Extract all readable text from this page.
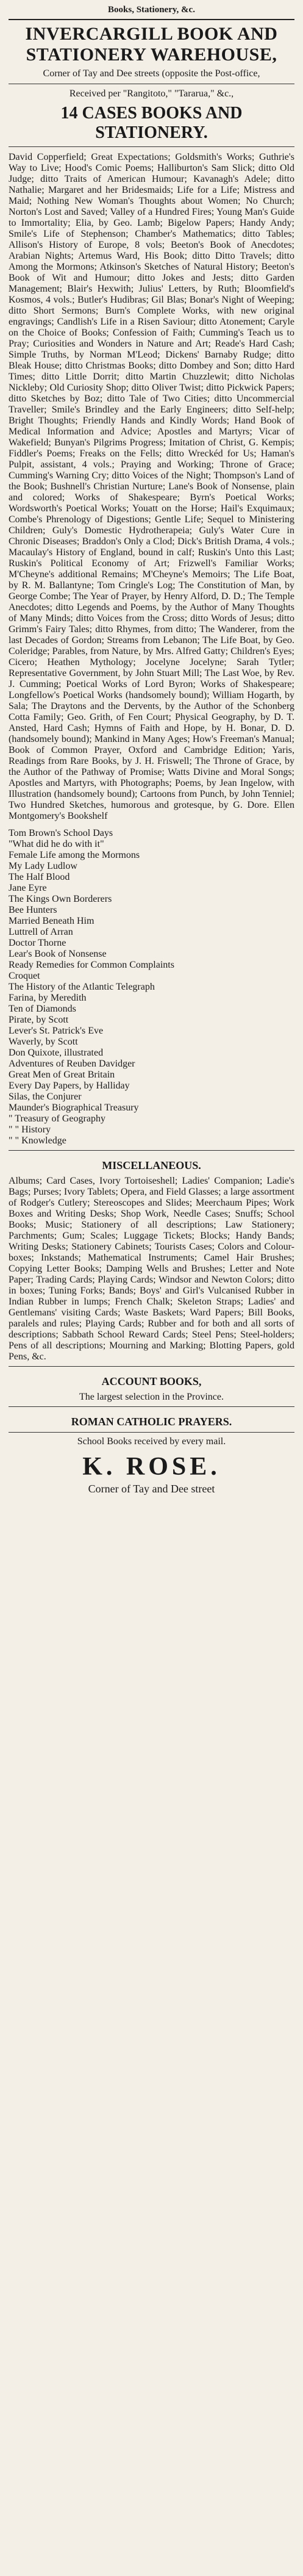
Books, Stationery, &c.
INVERCARGILL BOOK AND STATIONERY WAREHOUSE,
Corner of Tay and Dee streets (opposite the Post-office,
Received per "Rangitoto," "Tararua," &c.,
14 CASES BOOKS AND STATIONERY.
David Copperfield; Great Expectations; Goldsmith's Works; Guthrie's Way to Live; Hood's Comic Poems; Halliburton's Sam Slick; ditto Old Judge; ditto Traits of American Humour; Kavanagh's Adele; ditto Nathalie; Margaret and her Bridesmaids; Life for a Life; Mistress and Maid; Nothing New Woman's Thoughts about Women; No Church; Norton's Lost and Saved; Valley of a Hundred Fires; Young Man's Guide to Immortality; Elia, by Geo. Lamb; Bigelow Papers; Handy Andy; Smile's Life of Stephenson; Chamber's Mathematics; ditto Tables; Allison's History of Europe, 8 vols; Beeton's Book of Anecdotes; Arabian Nights; Artemus Ward, His Book; ditto Ditto Travels; ditto Among the Mormons; Atkinson's Sketches of Natural History; Beeton's Book of Wit and Humour; ditto Jokes and Jests; ditto Garden Management; Blair's Hexwith; Julius' Letters, by Ruth; Bloomfield's Kosmos, 4 vols.; Butler's Hudibras; Gil Blas; Bonar's Night of Weeping; ditto Short Sermons; Burn's Complete Works, with new original engravings; Candlish's Life in a Risen Saviour; ditto Atonement; Caryle on the Choice of Books; Confession of Faith; Cumming's Teach us to Pray; Curiosities and Wonders in Nature and Art; Reade's Hard Cash; Simple Truths, by Norman M'Leod; Dickens' Barnaby Rudge; ditto Bleak House; ditto Christmas Books; ditto Dombey and Son; ditto Hard Times; ditto Little Dorrit; ditto Martin Chuzzlewit; ditto Nicholas Nickleby; Old Curiosity Shop; ditto Oliver Twist; ditto Pickwick Papers; ditto Sketches by Boz; ditto Tale of Two Cities; ditto Uncommercial Traveller; Smile's Brindley and the Early Engineers; ditto Self-help; Bright Thoughts; Friendly Hands and Kindly Words; Hand Book of Medical Information and Advice; Apostles and Martyrs; Vicar of Wakefield; Bunyan's Pilgrims Progress; Imitation of Christ, G. Kempis; Fiddler's Poems; Freaks on the Fells; ditto Wreckéd for Us; Haman's Pulpit, assistant, 4 vols.; Praying and Working; Throne of Grace; Cumming's Warning Cry; ditto Voices of the Night; Thompson's Land of the Book; Bushnell's Christian Nurture; Lane's Book of Nonsense, plain and colored; Works of Shakespeare; Byrn's Poetical Works; Wordsworth's Poetical Works; Youatt on the Horse; Hail's Exquimaux; Combe's Phrenology of Digestions; Gentle Life; Sequel to Ministering Children; Guly's Domestic Hydrotherapeia; Guly's Water Cure in Chronic Diseases; Braddon's Only a Clod; Dick's British Drama, 4 vols.; Macaulay's History of England, bound in calf; Ruskin's Unto this Last; Ruskin's Political Economy of Art; Frizwell's Familiar Works; M'Cheyne's additional Remains; M'Cheyne's Memoirs; The Life Boat, by R. M. Ballantyne; Tom Cringle's Log; The Constitution of Man, by George Combe; The Year of Prayer, by Henry Alford, D. D.; The Temple Anecdotes; ditto Legends and Poems, by the Author of Many Thoughts of Many Minds; ditto Voices from the Cross; ditto Words of Jesus; ditto Grimm's Fairy Tales; ditto Rhymes, from ditto; The Wanderer, from the last Decades of Gordon; Streams from Lebanon; The Life Boat, by Geo. Coleridge; Parables, from Nature, by Mrs. Alfred Gatty; Children's Eyes; Cicero; Heathen Mythology; Jocelyne Jocelyne; Sarah Tytler; Representative Government, by John Stuart Mill; The Last Woe, by Rev. J. Cumming; Poetical Works of Lord Byron; Works of Shakespeare; Longfellow's Poetical Works (handsomely bound); William Hogarth, by Sala; The Draytons and the Dervents, by the Author of the Schonberg Cotta Family; Geo. Grith, of Fen Court; Physical Geography, by D. T. Ansted, Hard Cash; Hymns of Faith and Hope, by H. Bonar, D. D. (handsomely bound); Mankind in Many Ages; How's Freeman's Manual; Book of Common Prayer, Oxford and Cambridge Edition; Yaris, Readings from Rare Books, by J. H. Friswell; The Throne of Grace, by the Author of the Pathway of Promise; Watts Divine and Moral Songs; Apostles and Martyrs, with Photographs; Poems, by Jean Ingelow, with Illustration (handsomely bound); Cartoons from Punch, by John Tenniel; Two Hundred Sketches, humorous and grotesque, by G. Dore. Ellen Montgomery's Bookshelf
Tom Brown's School Days
"What did he do with it"
Female Life among the Mormons
My Lady Ludlow
The Half Blood
Jane Eyre
The Kings Own Borderers
Bee Hunters
Married Beneath Him
Luttrell of Arran
Doctor Thorne
Lear's Book of Nonsense
Ready Remedies for Common Complaints
Croquet
The History of the Atlantic Telegraph
Farina, by Meredith
Ten of Diamonds
Pirate, by Scott
Lever's St. Patrick's Eve
Waverly, by Scott
Don Quixote, illustrated
Adventures of Reuben Davidger
Great Men of Great Britain
Every Day Papers, by Halliday
Silas, the Conjurer
Maunder's Biographical Treasury
" Treasury of Geography
" " History
" " Knowledge
MISCELLANEOUS.
Albums; Card Cases, Ivory Tortoiseshell; Ladies' Companion; Ladie's Bags; Purses; Ivory Tablets; Opera, and Field Glasses; a large assortment of Rodger's Cutlery; Stereoscopes and Slides; Meerchaum Pipes; Work Boxes and Writing Desks; Shop Work, Needle Cases; Snuffs; School Books; Music; Stationery of all descriptions; Law Stationery; Parchments; Gum; Scales; Luggage Tickets; Blocks; Handy Bands; Writing Desks; Stationery Cabinets; Tourists Cases; Colors and Colour-boxes; Inkstands; Mathematical Instruments; Camel Hair Brushes; Copying Letter Books; Damping Wells and Brushes; Letter and Note Paper; Trading Cards; Playing Cards; Windsor and Newton Colors; ditto in boxes; Tuning Forks; Bands; Boys' and Girl's Vulcanised Rubber in Indian Rubber in lumps; French Chalk; Skeleton Straps; Ladies' and Gentlemans' visiting Cards; Waste Baskets; Ward Papers; Bill Books, paralels and rules; Playing Cards; Rubber and for both and all sorts of descriptions; Sabbath School Reward Cards; Steel Pens; Steel-holders; Pens of all descriptions; Mourning and Marking; Blotting Papers, gold Pens, &c.
ACCOUNT BOOKS,
The largest selection in the Province.
ROMAN CATHOLIC PRAYERS.
School Books received by every mail.
K. ROSE.
Corner of Tay and Dee street
